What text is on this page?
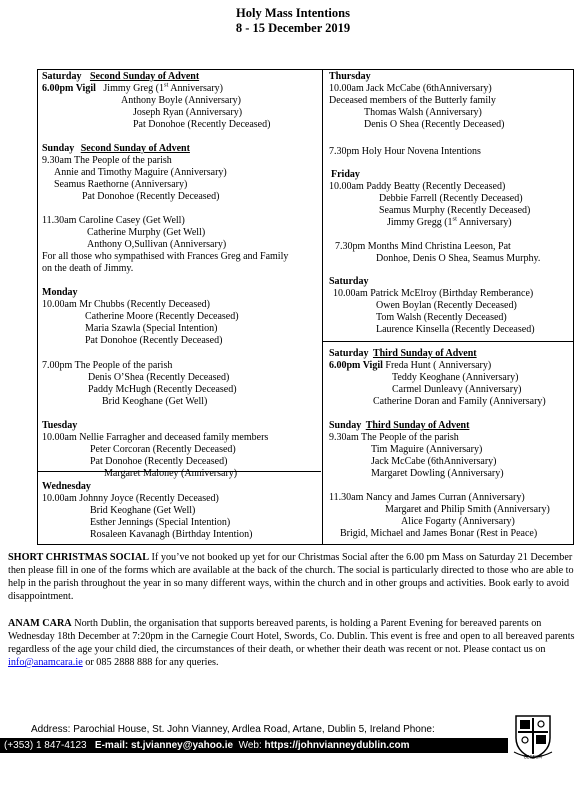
Holy Mass Intentions
8 - 15 December 2019
Saturday Second Sunday of Advent
6.00pm Vigil Jimmy Greg (1st Anniversary)
Anthony Boyle (Anniversary)
Joseph Ryan (Anniversary)
Pat Donohoe (Recently Deceased)
Sunday Second Sunday of Advent
9.30am The People of the parish
Annie and Timothy Maguire (Anniversary)
Seamus Raethorne (Anniversary)
Pat Donohoe (Recently Deceased)
11.30am Caroline Casey (Get Well)
Catherine Murphy (Get Well)
Anthony O,Sullivan (Anniversary)
For all those who sympathised with Frances Greg and Family
on the death of Jimmy.
Monday
10.00am Mr Chubbs (Recently Deceased)
Catherine Moore (Recently Deceased)
Maria Szawla (Special Intention)
Pat Donohoe (Recently Deceased)
7.00pm The People of the parish
Denis O’Shea (Recently Deceased)
Paddy McHugh (Recently Deceased)
Brid Keoghane (Get Well)
Tuesday
10.00am Nellie Farragher and deceased family members
Peter Corcoran (Recently Deceased)
Pat Donohoe (Recently Deceased)
Margaret Maloney (Anniversary)
Wednesday
10.00am Johnny Joyce (Recently Deceased)
Brid Keoghane (Get Well)
Esther Jennings (Special Intention)
Rosaleen Kavanagh (Birthday Intention)
Thursday
10.00am Jack McCabe (6thAnniversary)
Deceased members of the Butterly family
Thomas Walsh (Anniversary)
Denis O Shea (Recently Deceased)
7.30pm Holy Hour Novena Intentions
Friday
10.00am Paddy Beatty (Recently Deceased)
Debbie Farrell (Recently Deceased)
Seamus Murphy (Recently Deceased)
Jimmy Gregg (1st Anniversary)
7.30pm Months Mind Christina Leeson, Pat
Donhoe, Denis O Shea, Seamus Murphy.
Saturday
10.00am Patrick McElroy (Birthday Remberance)
Owen Boylan (Recently Deceased)
Tom Walsh (Recently Deceased)
Laurence Kinsella (Recently Deceased)
Saturday Third Sunday of Advent
6.00pm Vigil Freda Hunt ( Anniversary)
Teddy Keoghane (Anniversary)
Carmel Dunleavy (Anniversary)
Catherine Doran and Family (Anniversary)
Sunday Third Sunday of Advent
9.30am The People of the parish
Tim Maguire (Anniversary)
Jack McCabe (6thAnniversary)
Margaret Dowling (Anniversary)
11.30am Nancy and James Curran (Anniversary)
Margaret and Philip Smith (Anniversary)
Alice Fogarty (Anniversary)
Brigid, Michael and James Bonar (Rest in Peace)
SHORT CHRISTMAS SOCIAL If you’ve not booked up yet for our Christmas Social after the 6.00 pm Mass on Saturday 21 December then please fill in one of the forms which are available at the back of the church. The social is particularly directed to those who are able to help in the parish throughout the year in so many different ways, within the church and in other groups and activities. Book early to avoid disappointment.
ANAM CARA North Dublin, the organisation that supports bereaved parents, is holding a Parent Evening for bereaved parents on Wednesday 18th December at 7:20pm in the Carnegie Court Hotel, Swords, Co. Dublin. This event is free and open to all bereaved parents regardless of the age your child died, the circumstances of their death, or whether their death was recent or not. Please contact us on info@anamcara.ie or 085 2888 888 for any queries.
Address: Parochial House, St. John Vianney, Ardlea Road, Artane, Dublin 5, Ireland Phone:
(+353) 1 847-4123 E-mail: st.jvianney@yahoo.ie Web: https://johnvianneydublin.com
BEGNUM
